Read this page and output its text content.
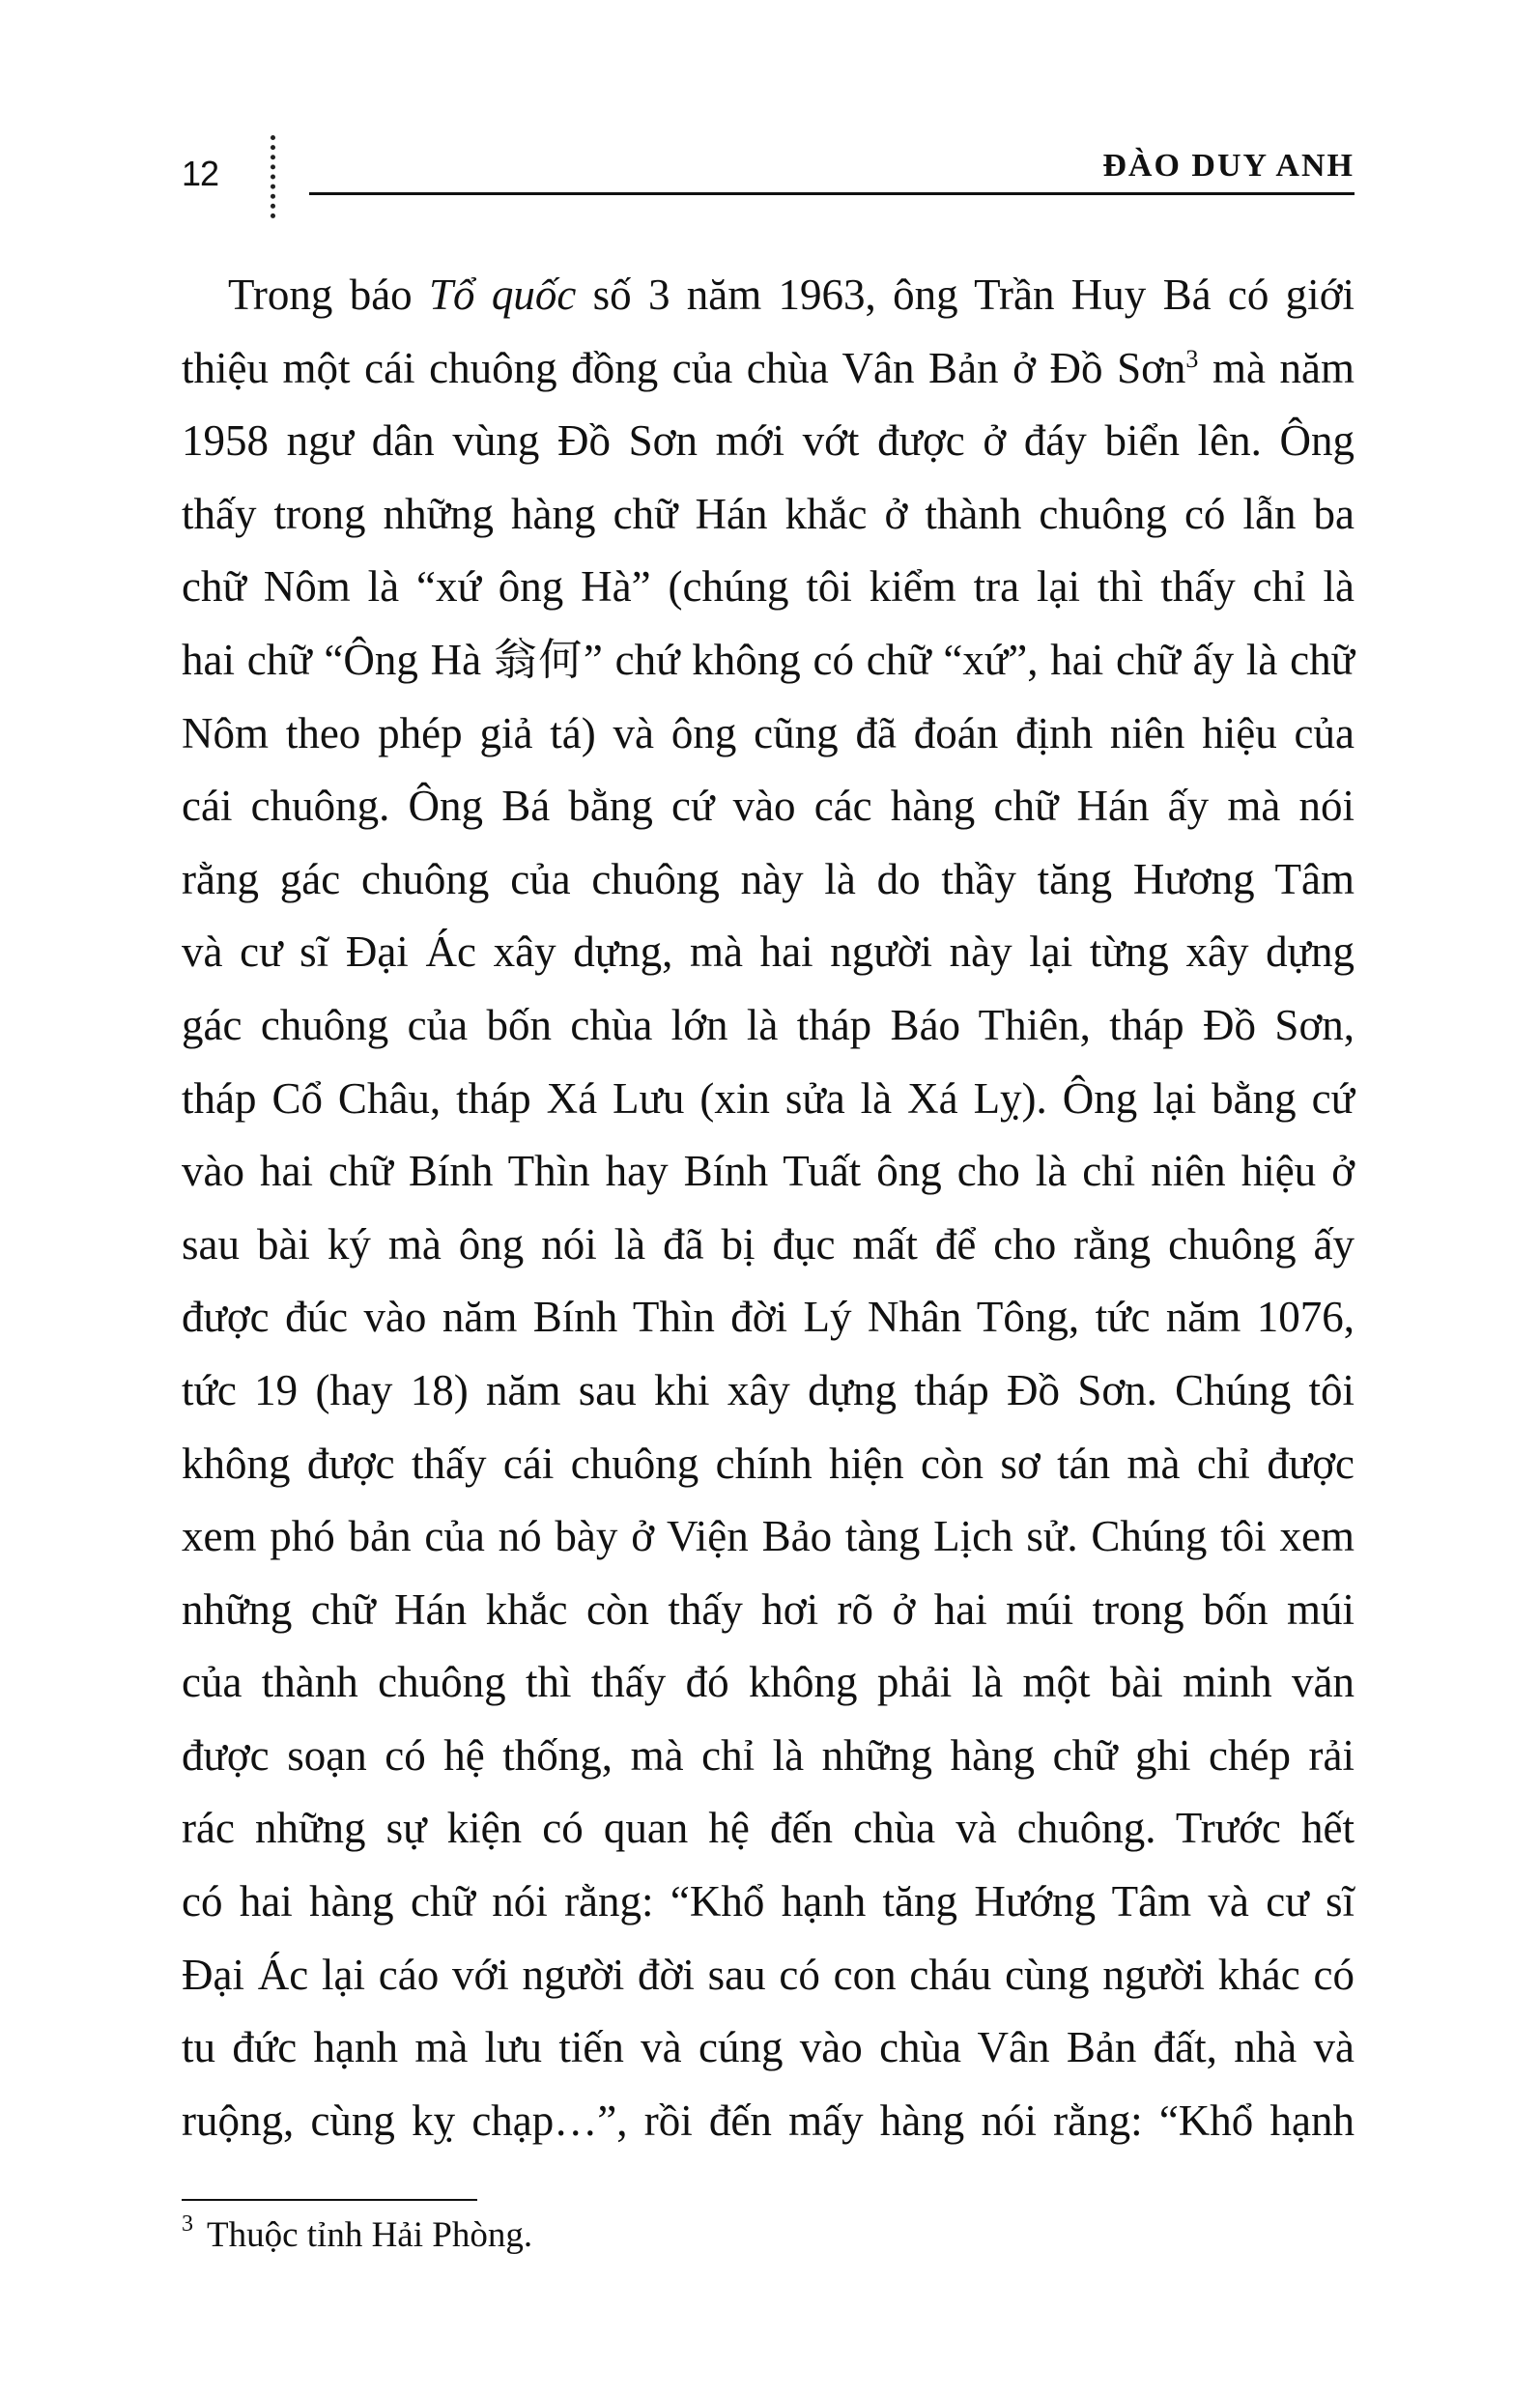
12	ĐÀO DUY ANH
Trong báo Tổ quốc số 3 năm 1963, ông Trần Huy Bá có giới
thiệu một cái chuông đồng của chùa Vân Bản ở Đồ Sơn$^3$ mà năm
1958 ngư dân vùng Đồ Sơn mới vớt được ở đáy biển lên. Ông
thấy trong những hàng chữ Hán khắc ở thành chuông có lẫn ba
chữ Nôm là “xứ ông Hà” (chúng tôi kiểm tra lại thì thấy chỉ là
hai chữ “Ông Hà 翁何” chứ không có chữ “xứ”, hai chữ ấy là chữ
Nôm theo phép giả tá) và ông cũng đã đoán định niên hiệu của
cái chuông. Ông Bá bằng cứ vào các hàng chữ Hán ấy mà nói
rằng gác chuông của chuông này là do thầy tăng Hương Tâm
và cư sĩ Đại Ác xây dựng, mà hai người này lại từng xây dựng
gác chuông của bốn chùa lớn là tháp Báo Thiên, tháp Đồ Sơn,
tháp Cổ Châu, tháp Xá Lưu (xin sửa là Xá Lỵ). Ông lại bằng cứ
vào hai chữ Bính Thìn hay Bính Tuất ông cho là chỉ niên hiệu ở
sau bài ký mà ông nói là đã bị đục mất để cho rằng chuông ấy
được đúc vào năm Bính Thìn đời Lý Nhân Tông, tức năm 1076,
tức 19 (hay 18) năm sau khi xây dựng tháp Đồ Sơn. Chúng tôi
không được thấy cái chuông chính hiện còn sơ tán mà chỉ được
xem phó bản của nó bày ở Viện Bảo tàng Lịch sử. Chúng tôi xem
những chữ Hán khắc còn thấy hơi rõ ở hai múi trong bốn múi
của thành chuông thì thấy đó không phải là một bài minh văn
được soạn có hệ thống, mà chỉ là những hàng chữ ghi chép rải
rác những sự kiện có quan hệ đến chùa và chuông. Trước hết
có hai hàng chữ nói rằng: “Khổ hạnh tăng Hướng Tâm và cư sĩ
Đại Ác lại cáo với người đời sau có con cháu cùng người khác có
tu đức hạnh mà lưu tiến và cúng vào chùa Vân Bản đất, nhà và
ruộng, cùng kỵ chạp…”, rồi đến mấy hàng nói rằng: “Khổ hạnh
$^3$ Thuộc tỉnh Hải Phòng.
